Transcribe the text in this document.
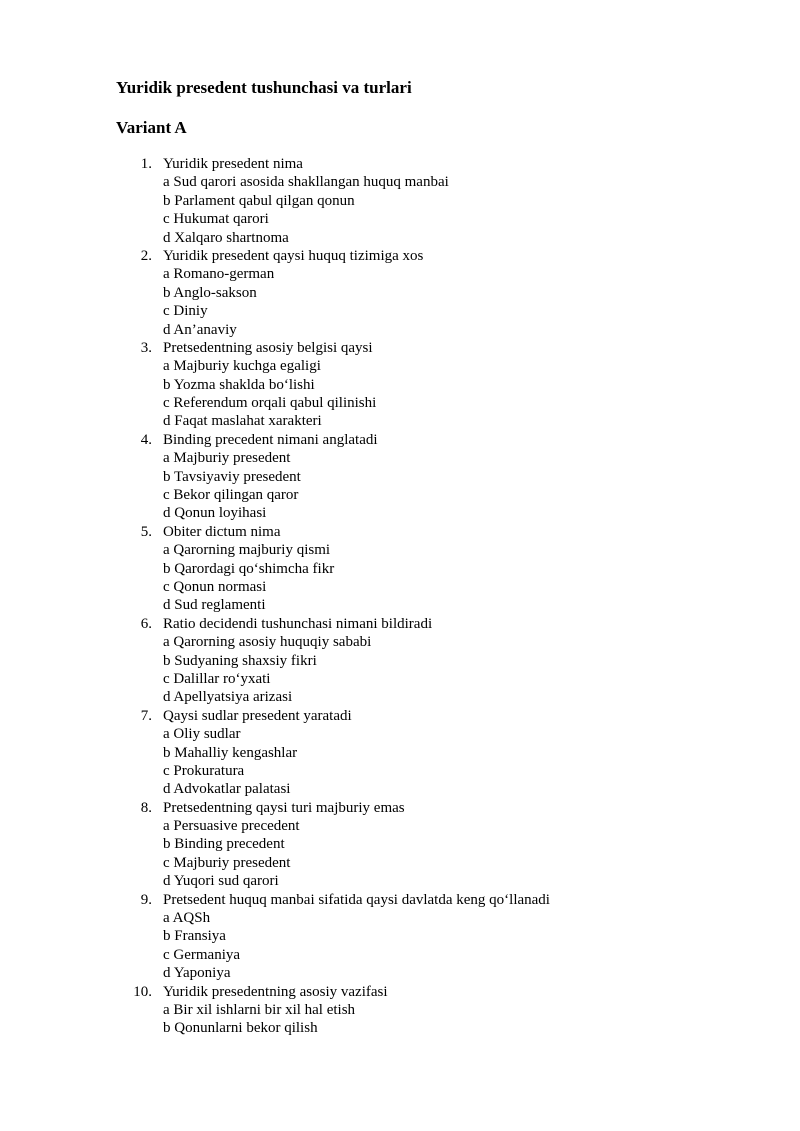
Yuridik presedent tushunchasi va turlari
Variant A
1. Yuridik presedent nima
a Sud qarori asosida shakllangan huquq manbai
b Parlament qabul qilgan qonun
c Hukumat qarori
d Xalqaro shartnoma
2. Yuridik presedent qaysi huquq tizimiga xos
a Romano-german
b Anglo-sakson
c Diniy
d An’anaviy
3. Pretsedentning asosiy belgisi qaysi
a Majburiy kuchga egaligi
b Yozma shaklda bo‘lishi
c Referendum orqali qabul qilinishi
d Faqat maslahat xarakteri
4. Binding precedent nimani anglatadi
a Majburiy presedent
b Tavsiyaviy presedent
c Bekor qilingan qaror
d Qonun loyihasi
5. Obiter dictum nima
a Qarorning majburiy qismi
b Qarordagi qo‘shimcha fikr
c Qonun normasi
d Sud reglamenti
6. Ratio decidendi tushunchasi nimani bildiradi
a Qarorning asosiy huquqiy sababi
b Sudyaning shaxsiy fikri
c Dalillar ro‘yxati
d Apellyatsiya arizasi
7. Qaysi sudlar presedent yaratadi
a Oliy sudlar
b Mahalliy kengashlar
c Prokuratura
d Advokatlar palatasi
8. Pretsedentning qaysi turi majburiy emas
a Persuasive precedent
b Binding precedent
c Majburiy presedent
d Yuqori sud qarori
9. Pretsedent huquq manbai sifatida qaysi davlatda keng qo‘llanadi
a AQSh
b Fransiya
c Germaniya
d Yaponiya
10. Yuridik presedentning asosiy vazifasi
a Bir xil ishlarni bir xil hal etish
b Qonunlarni bekor qilish
